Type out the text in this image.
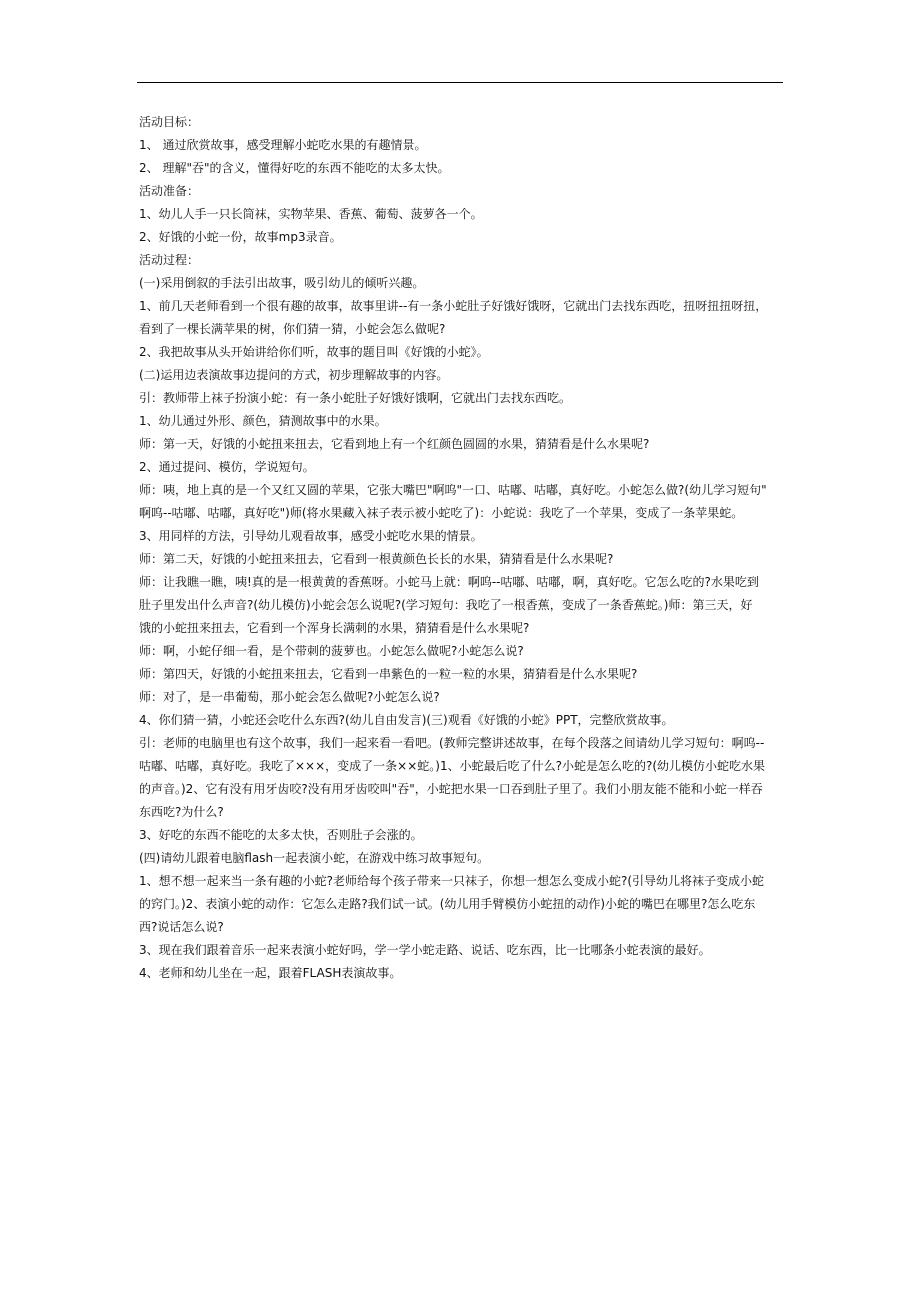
活动目标：
1、 通过欣赏故事，感受理解小蛇吃水果的有趣情景。
2、 理解"吞"的含义，懂得好吃的东西不能吃的太多太快。
活动准备：
1、幼儿人手一只长筒袜，实物苹果、香蕉、葡萄、菠萝各一个。
2、好饿的小蛇一份，故事mp3录音。
活动过程：
(一)采用倒叙的手法引出故事，吸引幼儿的倾听兴趣。
1、前几天老师看到一个很有趣的故事，故事里讲--有一条小蛇肚子好饿好饿呀，它就出门去找东西吃，扭呀扭扭呀扭，
看到了一棵长满苹果的树，你们猜一猜，小蛇会怎么做呢?
2、我把故事从头开始讲给你们听，故事的题目叫《好饿的小蛇》。
(二)运用边表演故事边提问的方式，初步理解故事的内容。
引：教师带上袜子扮演小蛇：有一条小蛇肚子好饿好饿啊，它就出门去找东西吃。
1、幼儿通过外形、颜色，猜测故事中的水果。
师：第一天，好饿的小蛇扭来扭去，它看到地上有一个红颜色圆圆的水果，猜猜看是什么水果呢?
2、通过提问、模仿，学说短句。
师：咦，地上真的是一个又红又圆的苹果，它张大嘴巴"啊呜"一口、咕嘟、咕嘟，真好吃。小蛇怎么做?(幼儿学习短句"
啊呜--咕嘟、咕嘟，真好吃")师(将水果藏入袜子表示被小蛇吃了)：小蛇说：我吃了一个苹果，变成了一条苹果蛇。
3、用同样的方法，引导幼儿观看故事，感受小蛇吃水果的情景。
师：第二天，好饿的小蛇扭来扭去，它看到一根黄颜色长长的水果，猜猜看是什么水果呢?
师：让我瞧一瞧，咦!真的是一根黄黄的香蕉呀。小蛇马上就：啊呜--咕嘟、咕嘟，啊，真好吃。它怎么吃的?水果吃到
肚子里发出什么声音?(幼儿模仿)小蛇会怎么说呢?(学习短句：我吃了一根香蕉，变成了一条香蕉蛇。)师：第三天，好
饿的小蛇扭来扭去，它看到一个浑身长满刺的水果，猜猜看是什么水果呢?
师：啊，小蛇仔细一看，是个带刺的菠萝也。小蛇怎么做呢?小蛇怎么说?
师：第四天，好饿的小蛇扭来扭去，它看到一串紫色的一粒一粒的水果，猜猜看是什么水果呢?
师：对了，是一串葡萄，那小蛇会怎么做呢?小蛇怎么说?
4、你们猜一猜，小蛇还会吃什么东西?(幼儿自由发言)(三)观看《好饿的小蛇》PPT，完整欣赏故事。
引：老师的电脑里也有这个故事，我们一起来看一看吧。(教师完整讲述故事，在每个段落之间请幼儿学习短句：啊呜--
咕嘟、咕嘟，真好吃。我吃了×××，变成了一条××蛇。)1、小蛇最后吃了什么?小蛇是怎么吃的?(幼儿模仿小蛇吃水果
的声音。)2、它有没有用牙齿咬?没有用牙齿咬叫"吞"，小蛇把水果一口吞到肚子里了。我们小朋友能不能和小蛇一样吞
东西吃?为什么?
3、好吃的东西不能吃的太多太快，否则肚子会涨的。
(四)请幼儿跟着电脑flash一起表演小蛇，在游戏中练习故事短句。
1、想不想一起来当一条有趣的小蛇?老师给每个孩子带来一只袜子，你想一想怎么变成小蛇?(引导幼儿将袜子变成小蛇
的窍门。)2、表演小蛇的动作：它怎么走路?我们试一试。(幼儿用手臂模仿小蛇扭的动作)小蛇的嘴巴在哪里?怎么吃东
西?说话怎么说?
3、现在我们跟着音乐一起来表演小蛇好吗，学一学小蛇走路、说话、吃东西，比一比哪条小蛇表演的最好。
4、老师和幼儿坐在一起，跟着FLASH表演故事。
